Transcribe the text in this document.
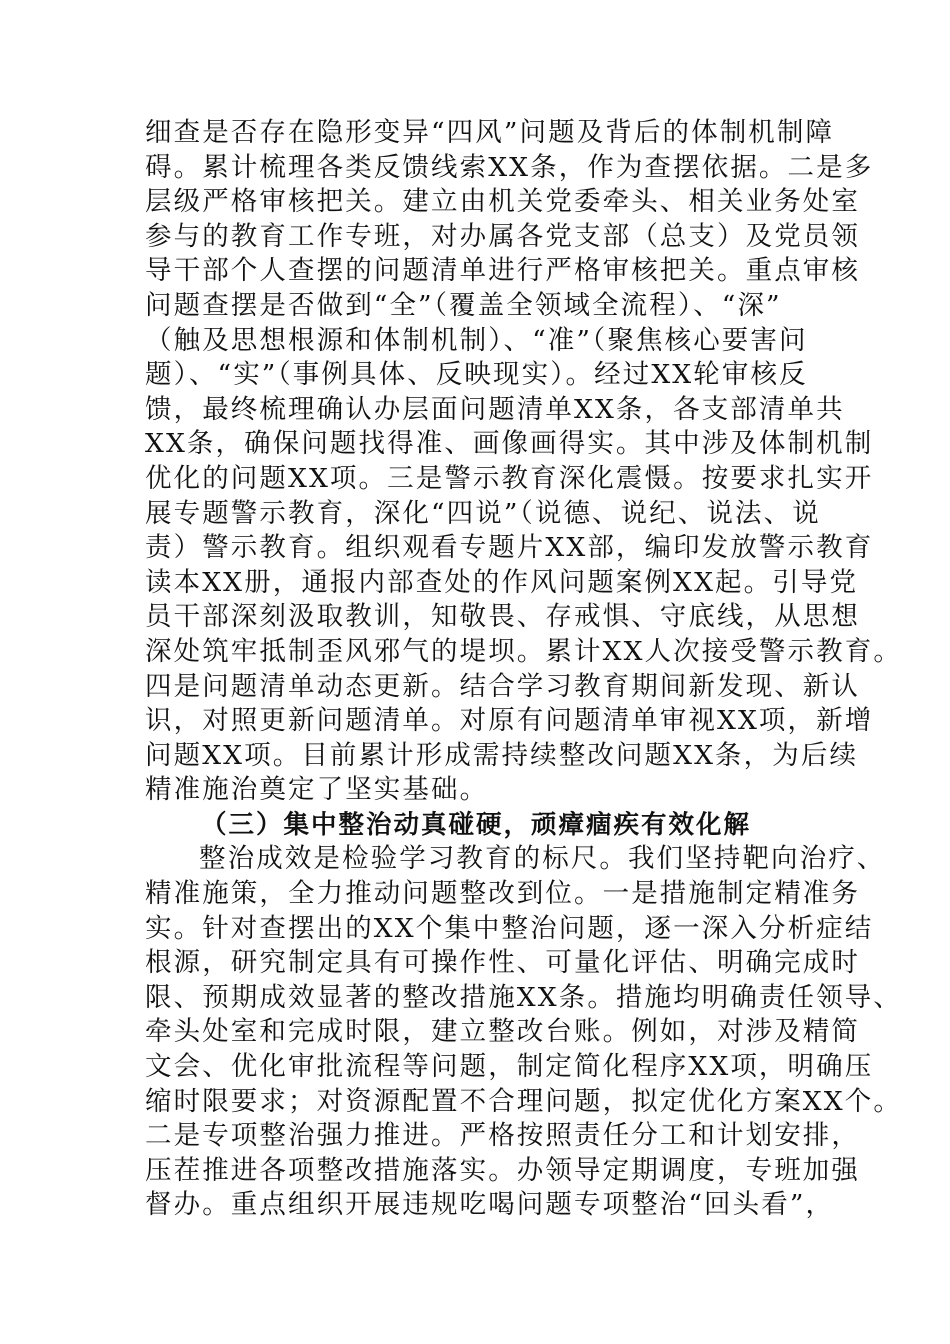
细查是否存在隐形变异“四风”问题及背后的体制机制障
碍。累计梳理各类反馈线索XX条，作为查摆依据。二是多
层级严格审核把关。建立由机关党委牵头、相关业务处室
参与的教育工作专班，对办属各党支部（总支）及党员领
导干部个人查摆的问题清单进行严格审核把关。重点审核
问题查摆是否做到“全”（覆盖全领域全流程）、“深”
（触及思想根源和体制机制）、“准”（聚焦核心要害问
题）、“实”（事例具体、反映现实）。经过XX轮审核反
馈，最终梳理确认办层面问题清单XX条，各支部清单共
XX条，确保问题找得准、画像画得实。其中涉及体制机制
优化的问题XX项。三是警示教育深化震慑。按要求扎实开
展专题警示教育，深化“四说”（说德、说纪、说法、说
责）警示教育。组织观看专题片XX部，编印发放警示教育
读本XX册，通报内部查处的作风问题案例XX起。引导党
员干部深刻汲取教训，知敬畏、存戒惧、守底线，从思想
深处筑牢抵制歪风邪气的堤坝。累计XX人次接受警示教育。
四是问题清单动态更新。结合学习教育期间新发现、新认
识，对照更新问题清单。对原有问题清单审视XX项，新增
问题XX项。目前累计形成需持续整改问题XX条，为后续
精准施治奠定了坚实基础。
（三）集中整治动真碰硬，顽瘴痼疾有效化解
整治成效是检验学习教育的标尺。我们坚持靶向治疗、
精准施策，全力推动问题整改到位。一是措施制定精准务
实。针对查摆出的XX个集中整治问题，逐一深入分析症结
根源，研究制定具有可操作性、可量化评估、明确完成时
限、预期成效显著的整改措施XX条。措施均明确责任领导、
牵头处室和完成时限，建立整改台账。例如，对涉及精简
文会、优化审批流程等问题，制定简化程序XX项，明确压
缩时限要求；对资源配置不合理问题，拟定优化方案XX个。
二是专项整治强力推进。严格按照责任分工和计划安排，
压茬推进各项整改措施落实。办领导定期调度，专班加强
督办。重点组织开展违规吃喝问题专项整治“回头看”，
